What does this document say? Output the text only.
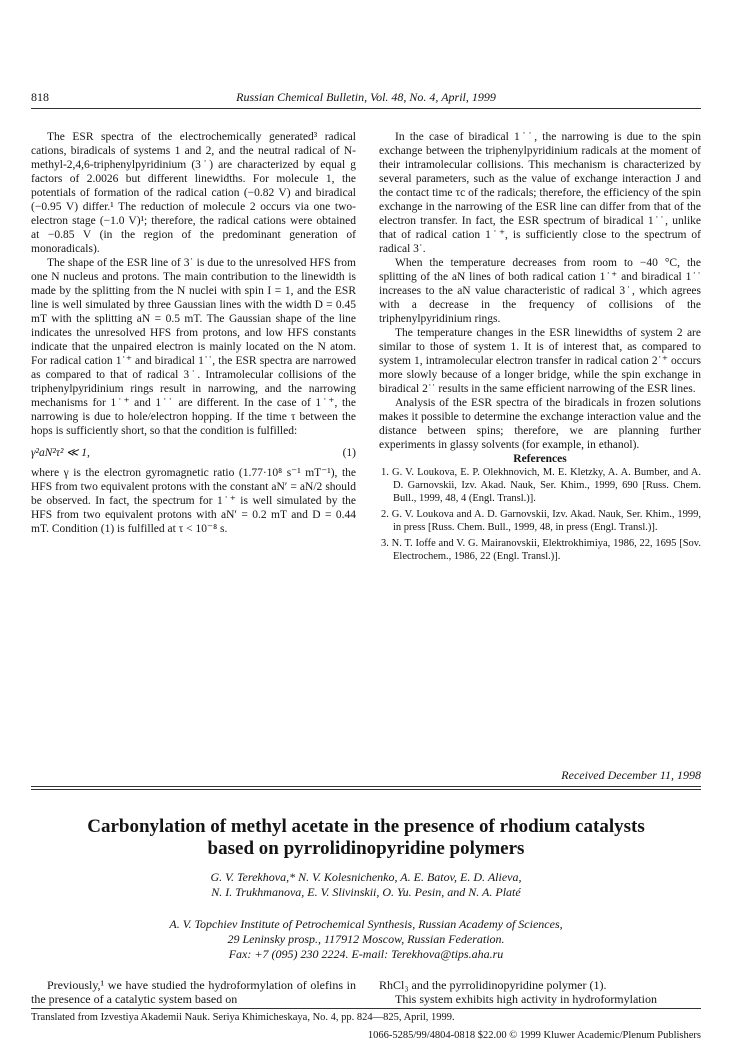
818	Russian Chemical Bulletin, Vol. 48, No. 4, April, 1999

The ESR spectra of the electrochemically generated³ radical cations, biradicals of systems 1 and 2, and the neutral radical of N-methyl-2,4,6-triphenylpyridinium (3˙) are characterized by equal g factors of 2.0026 but different linewidths. For molecule 1, the potentials of formation of the radical cation (−0.82 V) and biradical (−0.95 V) differ.¹ The reduction of molecule 2 occurs via one two-electron stage (−1.0 V)¹; therefore, the radical cations were obtained at −0.85 V (in the region of the predominant generation of monoradicals).

The shape of the ESR line of 3˙ is due to the unresolved HFS from one N nucleus and protons. The main contribution to the linewidth is made by the splitting from the N nuclei with spin I = 1, and the ESR line is well simulated by three Gaussian lines with the width D = 0.45 mT with the splitting aN = 0.5 mT. The Gaussian shape of the line indicates the unresolved HFS from protons, and low HFS constants indicate that the unpaired electron is mainly located on the N atom. For radical cation 1˙⁺ and biradical 1˙˙, the ESR spectra are narrowed as compared to that of radical 3˙. Intramolecular collisions of the triphenylpyridinium rings result in narrowing, and the narrowing mechanisms for 1˙⁺ and 1˙˙ are different. In the case of 1˙⁺, the narrowing is due to hole/electron hopping. If the time τ between the hops is sufficiently short, so that the condition is fulfilled:

γ²aN²τ² ≪ 1,	(1)

where γ is the electron gyromagnetic ratio (1.77·10⁸ s⁻¹ mT⁻¹), the HFS from two equivalent protons with the constant aN′ = aN/2 should be observed. In fact, the spectrum for 1˙⁺ is well simulated by the HFS from two equivalent protons with aN′ = 0.2 mT and D = 0.44 mT. Condition (1) is fulfilled at τ < 10⁻⁸ s.

In the case of biradical 1˙˙, the narrowing is due to the spin exchange between the triphenylpyridinium radicals at the moment of their intramolecular collisions. This mechanism is characterized by several parameters, such as the value of exchange interaction J and the contact time τc of the radicals; therefore, the efficiency of the spin exchange in the narrowing of the ESR line can differ from that of the electron transfer. In fact, the ESR spectrum of biradical 1˙˙, unlike that of radical cation 1˙⁺, is sufficiently close to the spectrum of radical 3˙.

When the temperature decreases from room to −40 °C, the splitting of the aN lines of both radical cation 1˙⁺ and biradical 1˙˙ increases to the aN value characteristic of radical 3˙, which agrees with a decrease in the frequency of collisions of the triphenylpyridinium rings.

The temperature changes in the ESR linewidths of system 2 are similar to those of system 1. It is of interest that, as compared to system 1, intramolecular electron transfer in radical cation 2˙⁺ occurs more slowly because of a longer bridge, while the spin exchange in biradical 2˙˙ results in the same efficient narrowing of the ESR lines.

Analysis of the ESR spectra of the biradicals in frozen solutions makes it possible to determine the exchange interaction value and the distance between spins; therefore, we are planning further experiments in glassy solvents (for example, in ethanol).

References

1. G. V. Loukova, E. P. Olekhnovich, M. E. Kletzky, A. A. Bumber, and A. D. Garnovskii, Izv. Akad. Nauk, Ser. Khim., 1999, 690 [Russ. Chem. Bull., 1999, 48, 4 (Engl. Transl.)].
2. G. V. Loukova and A. D. Garnovskii, Izv. Akad. Nauk, Ser. Khim., 1999, in press [Russ. Chem. Bull., 1999, 48, in press (Engl. Transl.)].
3. N. T. Ioffe and V. G. Mairanovskii, Elektrokhimiya, 1986, 22, 1695 [Sov. Electrochem., 1986, 22 (Engl. Transl.)].
Received December 11, 1998
Carbonylation of methyl acetate in the presence of rhodium catalysts
based on pyrrolidinopyridine polymers
G. V. Terekhova,* N. V. Kolesnichenko, A. E. Batov, E. D. Alieva,
N. I. Trukhmanova, E. V. Slivinskii, O. Yu. Pesin, and N. A. Platé
A. V. Topchiev Institute of Petrochemical Synthesis, Russian Academy of Sciences,
29 Leninsky prosp., 117912 Moscow, Russian Federation.
Fax: +7 (095) 230 2224. E-mail: Terekhova@tips.aha.ru
Previously,¹ we have studied the hydroformylation of olefins in the presence of a catalytic system based on
RhCl₃ and the pyrrolidinopyridine polymer (1).
This system exhibits high activity in hydroformylation
Translated from Izvestiya Akademii Nauk. Seriya Khimicheskaya, No. 4, pp. 824—825, April, 1999.
1066-5285/99/4804-0818 $22.00 © 1999 Kluwer Academic/Plenum Publishers
